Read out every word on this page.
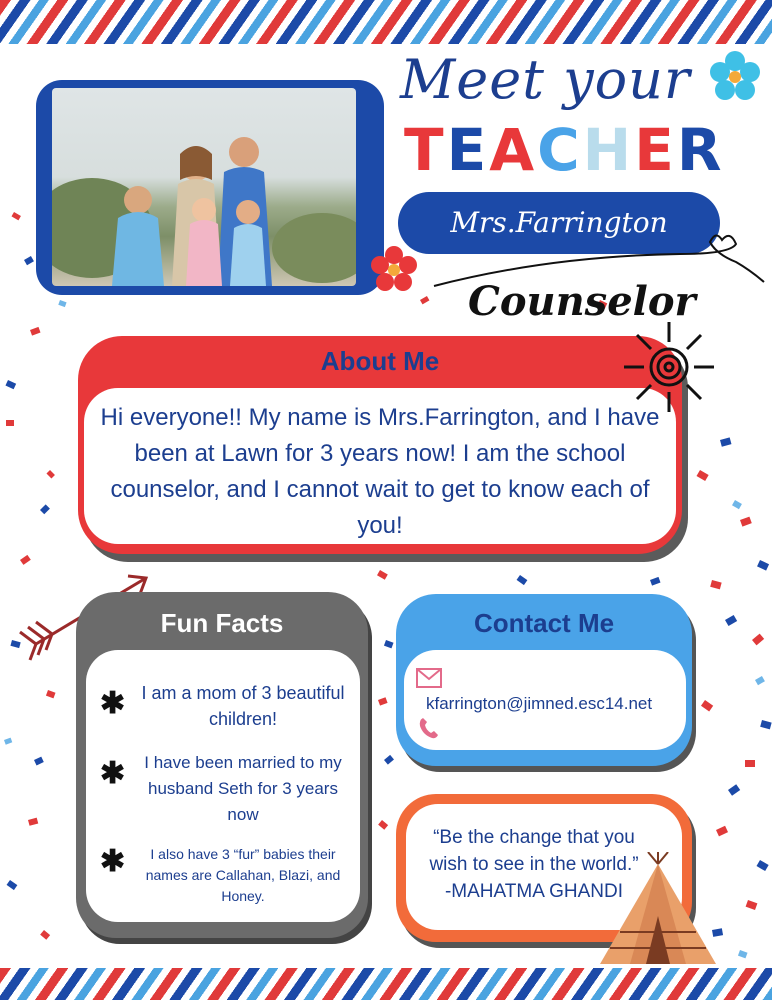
Meet your
TEACHER
Mrs.Farrington
Counselor
About Me

Hi everyone!! My name is Mrs.Farrington, and I have been at Lawn for 3 years now! I am the school counselor, and I cannot wait to get to know each of you!

Fun Facts
✱ I am a mom of 3 beautiful children!
✱	I have been married to my husband Seth for 3 years now
✱	I also have 3 “fur” babies their names are Callahan, Blazi, and Honey.
Contact Me
kfarrington@jimned.esc14.net

“Be the change that you wish to see in the world.”
-MAHATMA GHANDI
